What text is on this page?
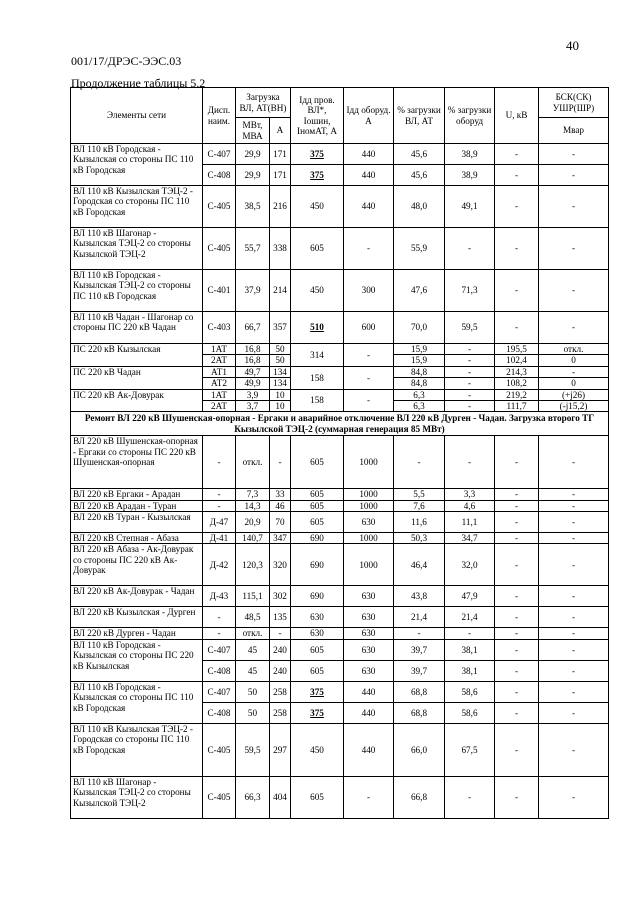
40
001/17/ДРЭС-ЭЭС.03
Продолжение таблицы 5.2
Элементы сети	Дисп. наим.	Загрузка ВЛ, АТ(ВН)		Iдд пров. ВЛ*, Iошин, IномАТ, А	Iдд оборуд. А	% загрузки ВЛ, АТ	% загрузки оборуд	U, кВ	БСК(СК) УШР(ШР)
		МВт, МВА	А						Мвар
ВЛ 110 кВ Городская - Кызылская со стороны ПС 110 кВ Городская	С-407	29,9	171	375	440	45,6	38,9	-	-
	С-408	29,9	171	375	440	45,6	38,9	-	-
ВЛ 110 кВ Кызылская ТЭЦ-2 - Городская со стороны ПС 110 кВ Городская	С-405	38,5	216	450	440	48,0	49,1	-	-
ВЛ 110 кВ Шагонар - Кызылская ТЭЦ-2 со стороны Кызылской ТЭЦ-2	С-405	55,7	338	605	-	55,9	-	-	-
ВЛ 110 кВ Городская - Кызылская ТЭЦ-2 со стороны ПС 110 кВ Городская	С-401	37,9	214	450	300	47,6	71,3	-	-
ВЛ 110 кВ Чадан - Шагонар со стороны ПС 220 кВ Чадан	С-403	66,7	357	510	600	70,0	59,5	-	-
ПС 220 кВ Кызылская	1АТ	16,8	50	314	-	15,9	-	195,5	откл.
	2АТ	16,8	50			15,9	-	102,4	0
ПС 220 кВ Чадан	АТ1	49,7	134	158	-	84,8	-	214,3	-
	АТ2	49,9	134			84,8	-	108,2	0
ПС 220 кВ Ак-Довурак	1АТ	3,9	10	158	-	6,3	-	219,2	(+j26)
	2АТ	3,7	10			6,3	-	111,7	(-j15,2)
Ремонт ВЛ 220 кВ Шушенская-опорная - Ергаки и аварийное отключение ВЛ 220 кВ Дурген - Чадан. Загрузка второго ТГ Кызылской ТЭЦ-2 (суммарная генерация 85 МВт)									
ВЛ 220 кВ Шушенская-опорная - Ергаки со стороны ПС 220 кВ Шушенская-опорная	-	откл.	-	605	1000	-	-	-	-
ВЛ 220 кВ Ергаки - Арадан	-	7,3	33	605	1000	5,5	3,3	-	-
ВЛ 220 кВ Арадан - Туран	-	14,3	46	605	1000	7,6	4,6	-	-
ВЛ 220 кВ Туран - Кызылская	Д-47	20,9	70	605	630	11,6	11,1	-	-
ВЛ 220 кВ Степная - Абаза	Д-41	140,7	347	690	1000	50,3	34,7	-	-
ВЛ 220 кВ Абаза - Ак-Довурак со стороны ПС 220 кВ Ак-Довурак	Д-42	120,3	320	690	1000	46,4	32,0	-	-
ВЛ 220 кВ Ак-Довурак - Чадан	Д-43	115,1	302	690	630	43,8	47,9	-	-
ВЛ 220 кВ Кызылская - Дурген	-	48,5	135	630	630	21,4	21,4	-	-
ВЛ 220 кВ Дурген - Чадан	-	откл.	-	630	630	-	-	-	-
ВЛ 110 кВ Городская - Кызылская со стороны ПС 220 кВ Кызылская	С-407	45	240	605	630	39,7	38,1	-	-
	С-408	45	240	605	630	39,7	38,1	-	-
ВЛ 110 кВ Городская - Кызылская со стороны ПС 110 кВ Городская	С-407	50	258	375	440	68,8	58,6	-	-
	С-408	50	258	375	440	68,8	58,6	-	-
ВЛ 110 кВ Кызылская ТЭЦ-2 - Городская со стороны ПС 110 кВ Городская	С-405	59,5	297	450	440	66,0	67,5	-	-
ВЛ 110 кВ Шагонар - Кызылская ТЭЦ-2 со стороны Кызылской ТЭЦ-2	С-405	66,3	404	605	-	66,8	-	-	-
